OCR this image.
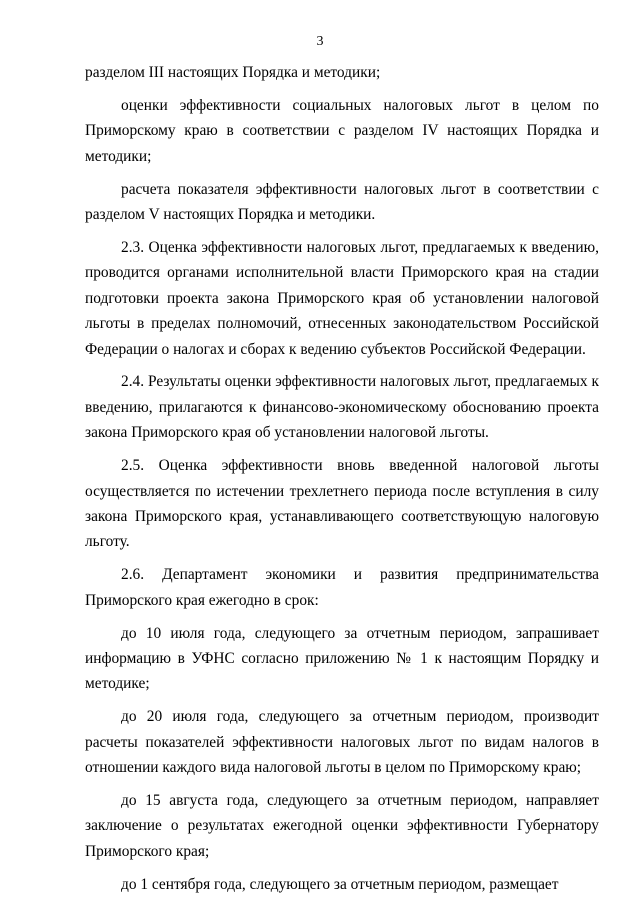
3

разделом III настоящих Порядка и методики;

оценки эффективности социальных налоговых льгот в целом по Приморскому краю в соответствии с разделом IV настоящих Порядка и методики;

расчета показателя эффективности налоговых льгот в соответствии с разделом V настоящих Порядка и методики.

2.3. Оценка эффективности налоговых льгот, предлагаемых к введению, проводится органами исполнительной власти Приморского края на стадии подготовки проекта закона Приморского края об установлении налоговой льготы в пределах полномочий, отнесенных законодательством Российской Федерации о налогах и сборах к ведению субъектов Российской Федерации.

2.4. Результаты оценки эффективности налоговых льгот, предлагаемых к введению, прилагаются к финансово-экономическому обоснованию проекта закона Приморского края об установлении налоговой льготы.

2.5. Оценка эффективности вновь введенной налоговой льготы осуществляется по истечении трехлетнего периода после вступления в силу закона Приморского края, устанавливающего соответствующую налоговую льготу.

2.6. Департамент экономики и развития предпринимательства Приморского края ежегодно в срок:

до 10 июля года, следующего за отчетным периодом, запрашивает информацию в УФНС согласно приложению № 1 к настоящим Порядку и методике;

до 20 июля года, следующего за отчетным периодом, производит расчеты показателей эффективности налоговых льгот по видам налогов в отношении каждого вида налоговой льготы в целом по Приморскому краю;

до 15 августа года, следующего за отчетным периодом, направляет заключение о результатах ежегодной оценки эффективности Губернатору Приморского края;

до 1 сентября года, следующего за отчетным периодом, размещает
